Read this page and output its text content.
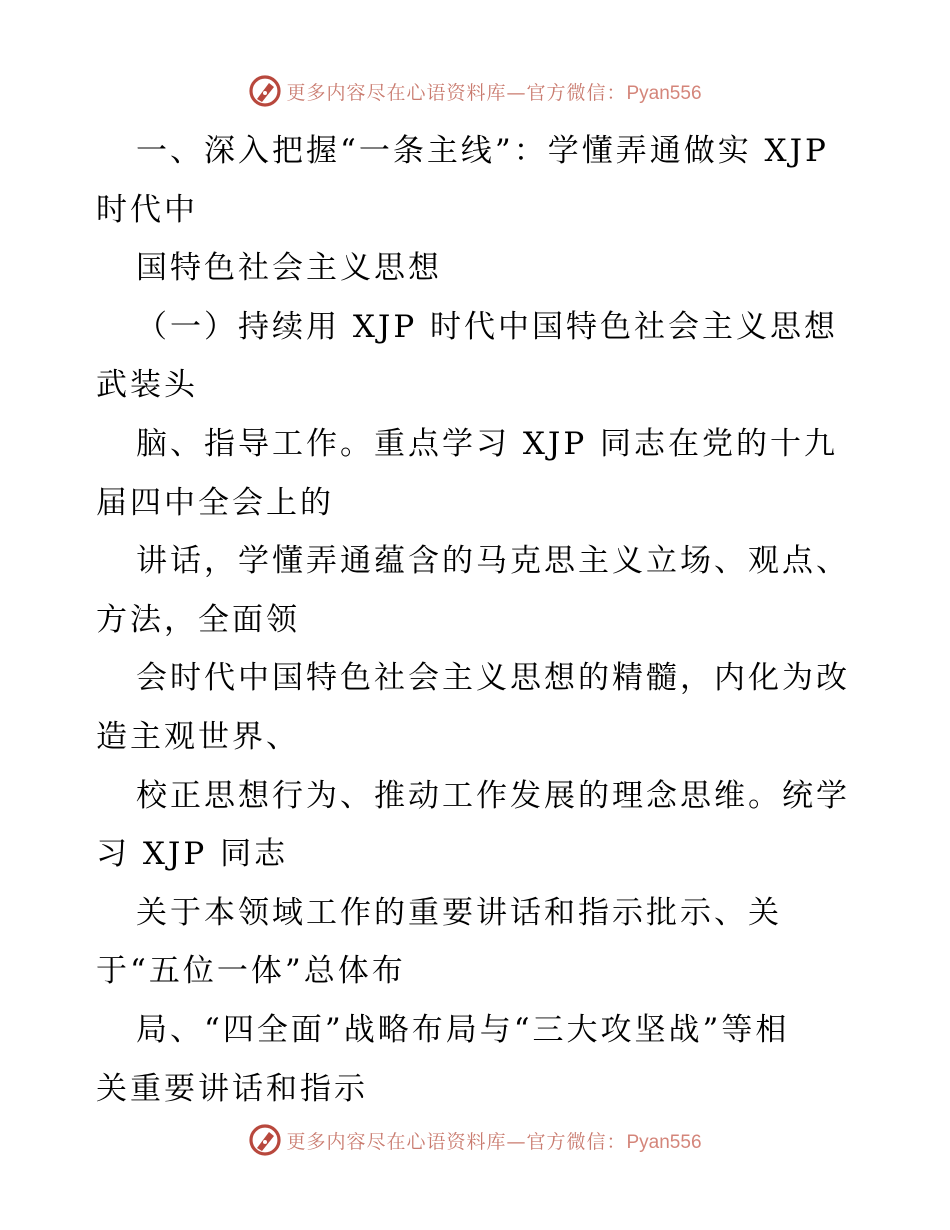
更多内容尽在心语资料库—官方微信：Pyan556
一、深入把握“一条主线”：学懂弄通做实 XJP
时代中
国特色社会主义思想
（一）持续用 XJP 时代中国特色社会主义思想
武装头
脑、指导工作。重点学习 XJP 同志在党的十九
届四中全会上的
讲话，学懂弄通蕴含的马克思主义立场、观点、
方法，全面领
会时代中国特色社会主义思想的精髓，内化为改
造主观世界、
校正思想行为、推动工作发展的理念思维。统学
习 XJP 同志
关于本领域工作的重要讲话和指示批示、关
于“五位一体”总体布
局、“四全面”战略布局与“三大攻坚战”等相
关重要讲话和指示
更多内容尽在心语资料库—官方微信：Pyan556
